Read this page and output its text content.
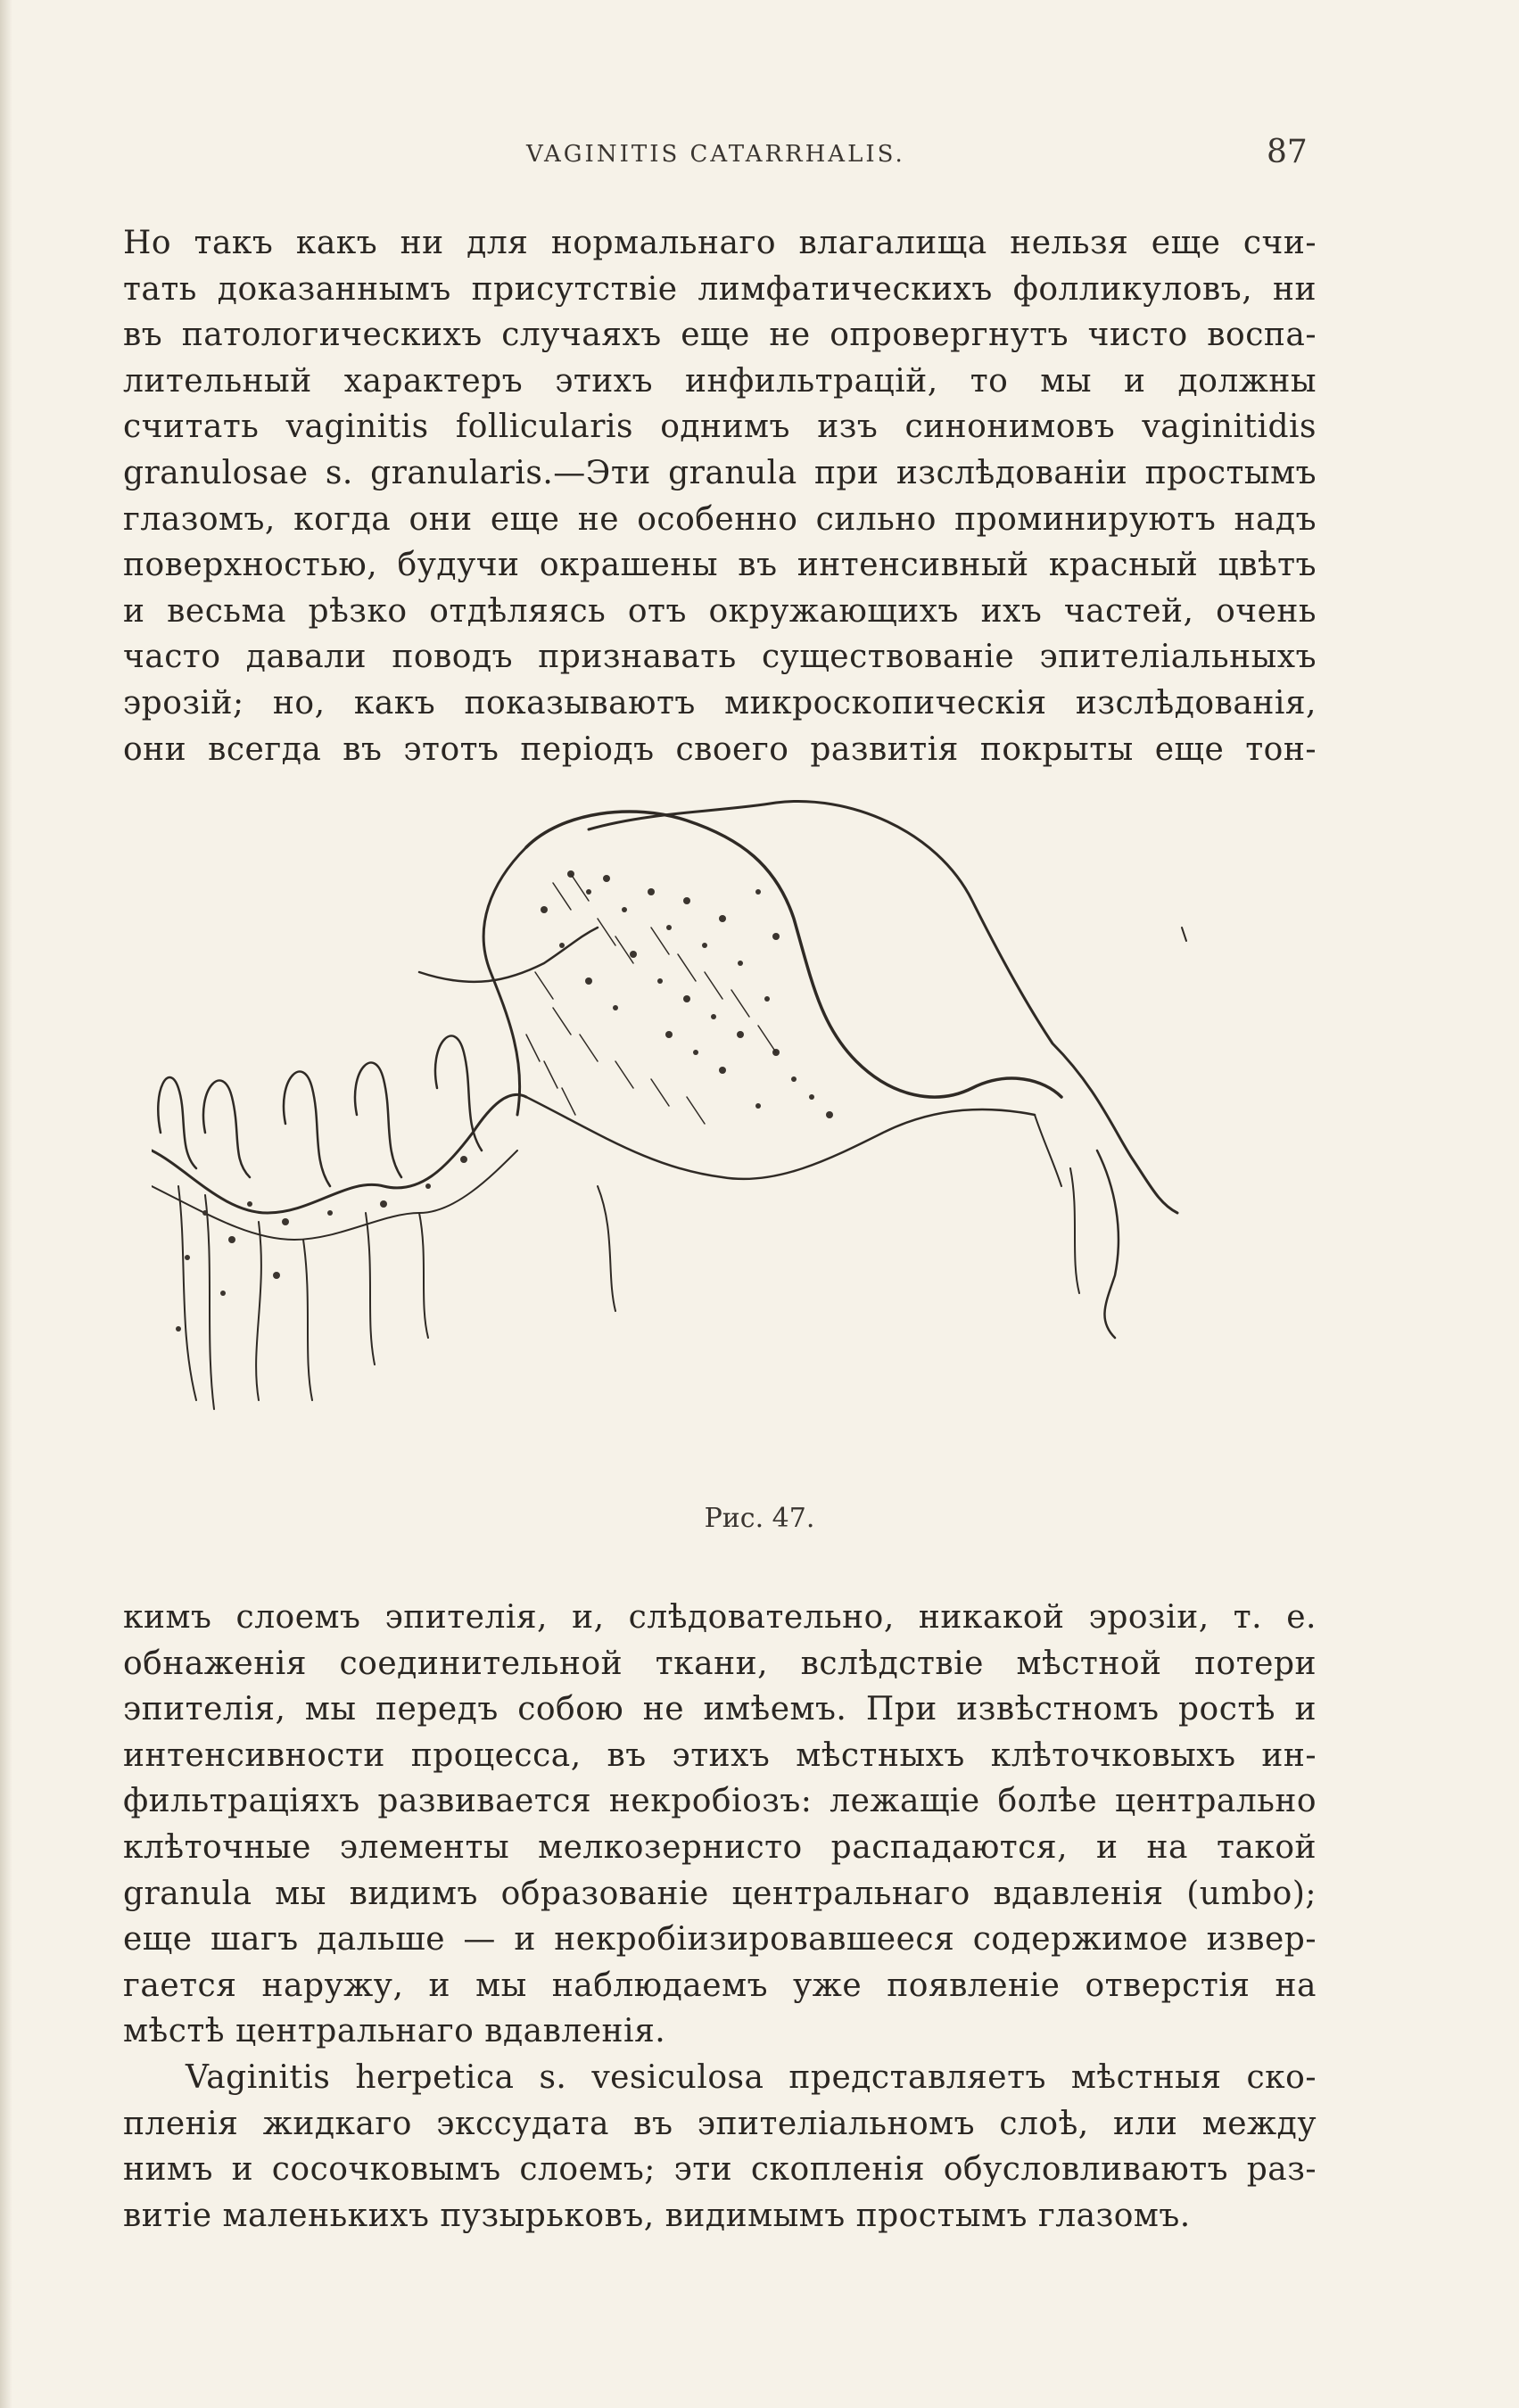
VAGINITIS CATARRHALIS.	87
Но такъ какъ ни для нормальнаго влагалища нельзя еще счи-
тать доказаннымъ присутствіе лимфатическихъ фолликуловъ, ни
въ патологическихъ случаяхъ еще не опровергнутъ чисто воспа-
лительный характеръ этихъ инфильтрацій, то мы и должны
считать vaginitis follicularis однимъ изъ синонимовъ vaginitidis
granulosae s. granularis.—Эти granula при изслѣдованіи простымъ
глазомъ, когда они еще не особенно сильно проминируютъ надъ
поверхностью, будучи окрашены въ интенсивный красный цвѣтъ
и весьма рѣзко отдѣляясь отъ окружающихъ ихъ частей, очень
часто давали поводъ признавать существованіе эпителіальныхъ
эрозій; но, какъ показываютъ микроскопическія изслѣдованія,
они всегда въ этотъ періодъ своего развитія покрыты еще тон-
Рис. 47.
кимъ слоемъ эпителія, и, слѣдовательно, никакой эрозіи, т. е.
обнаженія соединительной ткани, вслѣдствіе мѣстной потери
эпителія, мы передъ собою не имѣемъ. При извѣстномъ ростѣ и
интенсивности процесса, въ этихъ мѣстныхъ клѣточковыхъ ин-
фильтраціяхъ развивается некробіозъ: лежащіе болѣе центрально
клѣточные элементы мелкозернисто распадаются, и на такой
granula мы видимъ образованіе центральнаго вдавленія (umbo);
еще шагъ дальше — и некробіизировавшееся содержимое извер-
гается наружу, и мы наблюдаемъ уже появленіе отверстія на
мѣстѣ центральнаго вдавленія.
Vaginitis herpetica s. vesiculosa представляетъ мѣстныя ско-
пленія жидкаго экссудата въ эпителіальномъ слоѣ, или между
нимъ и сосочковымъ слоемъ; эти скопленія обусловливаютъ раз-
витіе маленькихъ пузырьковъ, видимымъ простымъ глазомъ.
